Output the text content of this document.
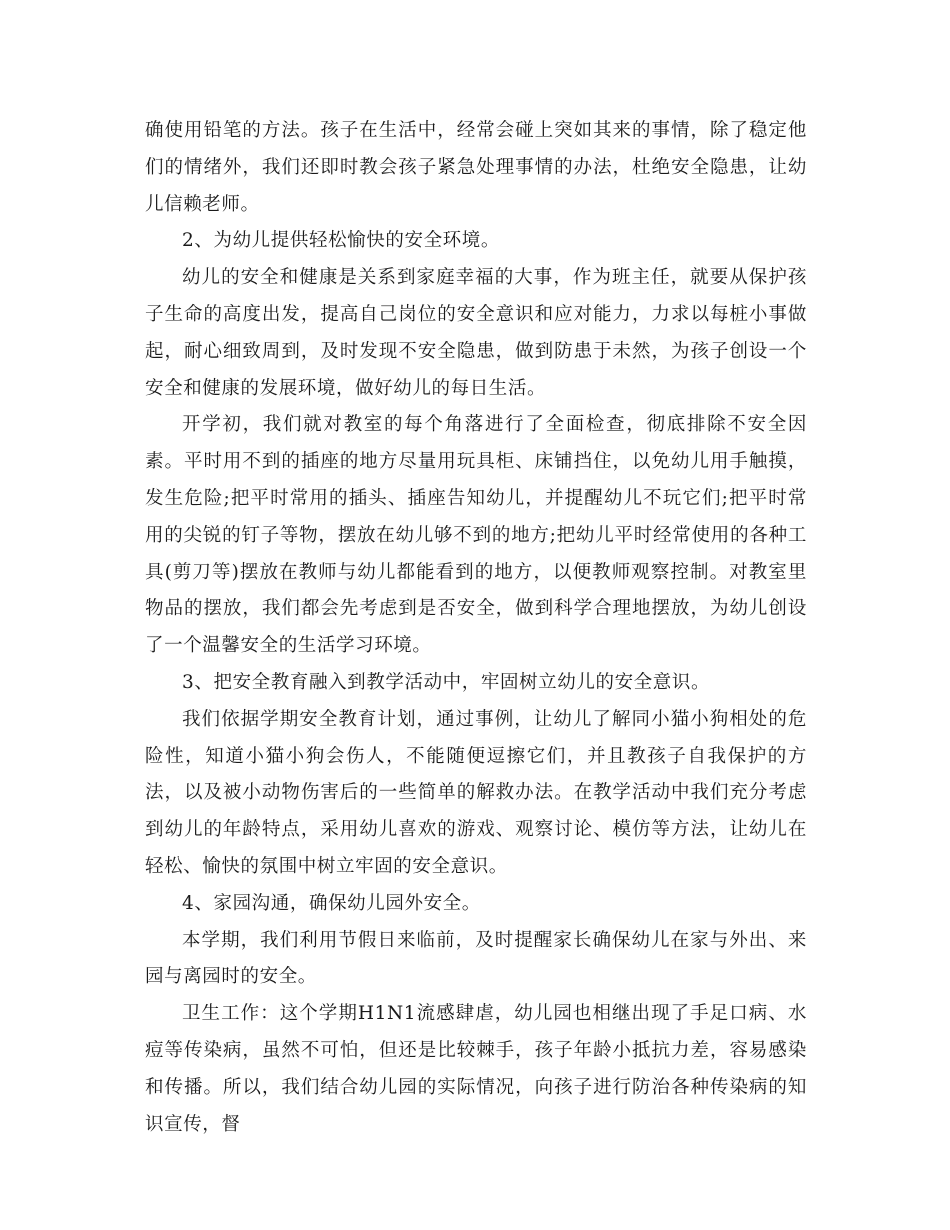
确使用铅笔的方法。孩子在生活中，经常会碰上突如其来的事情，除了稳定他们的情绪外，我们还即时教会孩子紧急处理事情的办法，杜绝安全隐患，让幼儿信赖老师。

2、为幼儿提供轻松愉快的安全环境。

幼儿的安全和健康是关系到家庭幸福的大事，作为班主任，就要从保护孩子生命的高度出发，提高自己岗位的安全意识和应对能力，力求以每桩小事做起，耐心细致周到，及时发现不安全隐患，做到防患于未然，为孩子创设一个安全和健康的发展环境，做好幼儿的每日生活。

开学初，我们就对教室的每个角落进行了全面检查，彻底排除不安全因素。平时用不到的插座的地方尽量用玩具柜、床铺挡住，以免幼儿用手触摸，发生危险;把平时常用的插头、插座告知幼儿，并提醒幼儿不玩它们;把平时常用的尖锐的钉子等物，摆放在幼儿够不到的地方;把幼儿平时经常使用的各种工具(剪刀等)摆放在教师与幼儿都能看到的地方，以便教师观察控制。对教室里物品的摆放，我们都会先考虑到是否安全，做到科学合理地摆放，为幼儿创设了一个温馨安全的生活学习环境。

3、把安全教育融入到教学活动中，牢固树立幼儿的安全意识。

我们依据学期安全教育计划，通过事例，让幼儿了解同小猫小狗相处的危险性，知道小猫小狗会伤人，不能随便逗擦它们，并且教孩子自我保护的方法，以及被小动物伤害后的一些简单的解救办法。在教学活动中我们充分考虑到幼儿的年龄特点，采用幼儿喜欢的游戏、观察讨论、模仿等方法，让幼儿在轻松、愉快的氛围中树立牢固的安全意识。

4、家园沟通，确保幼儿园外安全。

本学期，我们利用节假日来临前，及时提醒家长确保幼儿在家与外出、来园与离园时的安全。

卫生工作：这个学期H1N1流感肆虐，幼儿园也相继出现了手足口病、水痘等传染病，虽然不可怕，但还是比较棘手，孩子年龄小抵抗力差，容易感染和传播。所以，我们结合幼儿园的实际情况，向孩子进行防治各种传染病的知识宣传，督
